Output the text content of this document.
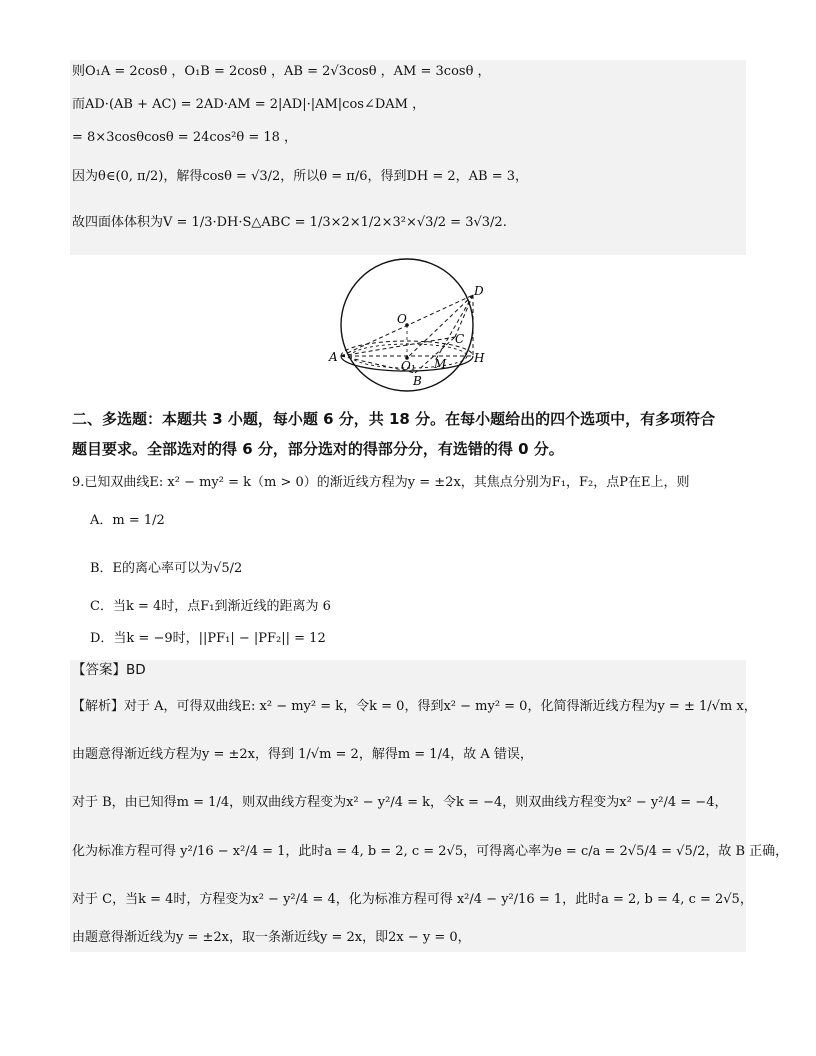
则O₁A = 2cosθ ，O₁B = 2cosθ ，AB = 2√3cosθ ，AM = 3cosθ ，
而AD·(AB + AC) = 2AD·AM = 2|AD|·|AM|cos∠DAM ，
= 8×3cosθcosθ = 24cos²θ = 18 ，
因为θ∈(0, π/2)，解得cosθ = √3/2，所以θ = π/6，得到DH = 2，AB = 3，
故四面体体积为V = 1/3·DH·S△ABC = 1/3×2×1/2×3²×√3/2 = 3√3/2.
D
O
C
A
O₁ M H
B
二、多选题：本题共 3 小题，每小题 6 分，共 18 分。在每小题给出的四个选项中，有多项符合
题目要求。全部选对的得 6 分，部分选对的得部分分，有选错的得 0 分。
9.已知双曲线E: x² − my² = k（m > 0）的渐近线方程为y = ±2x，其焦点分别为F₁，F₂，点P在E上，则
A．m = 1/2
B．E的离心率可以为√5/2
C．当k = 4时，点F₁到渐近线的距离为 6
D．当k = −9时，||PF₁| − |PF₂|| = 12
【答案】BD
【解析】对于 A，可得双曲线E: x² − my² = k，令k = 0，得到x² − my² = 0，化简得渐近线方程为y = ± 1/√m x，
由题意得渐近线方程为y = ±2x，得到 1/√m = 2，解得m = 1/4，故 A 错误，
对于 B，由已知得m = 1/4，则双曲线方程变为x² − y²/4 = k，令k = −4，则双曲线方程变为x² − y²/4 = −4，
化为标准方程可得 y²/16 − x²/4 = 1，此时a = 4, b = 2, c = 2√5，可得离心率为e = c/a = 2√5/4 = √5/2，故 B 正确，
对于 C，当k = 4时，方程变为x² − y²/4 = 4，化为标准方程可得 x²/4 − y²/16 = 1，此时a = 2, b = 4, c = 2√5，
由题意得渐近线为y = ±2x，取一条渐近线y = 2x，即2x − y = 0，
